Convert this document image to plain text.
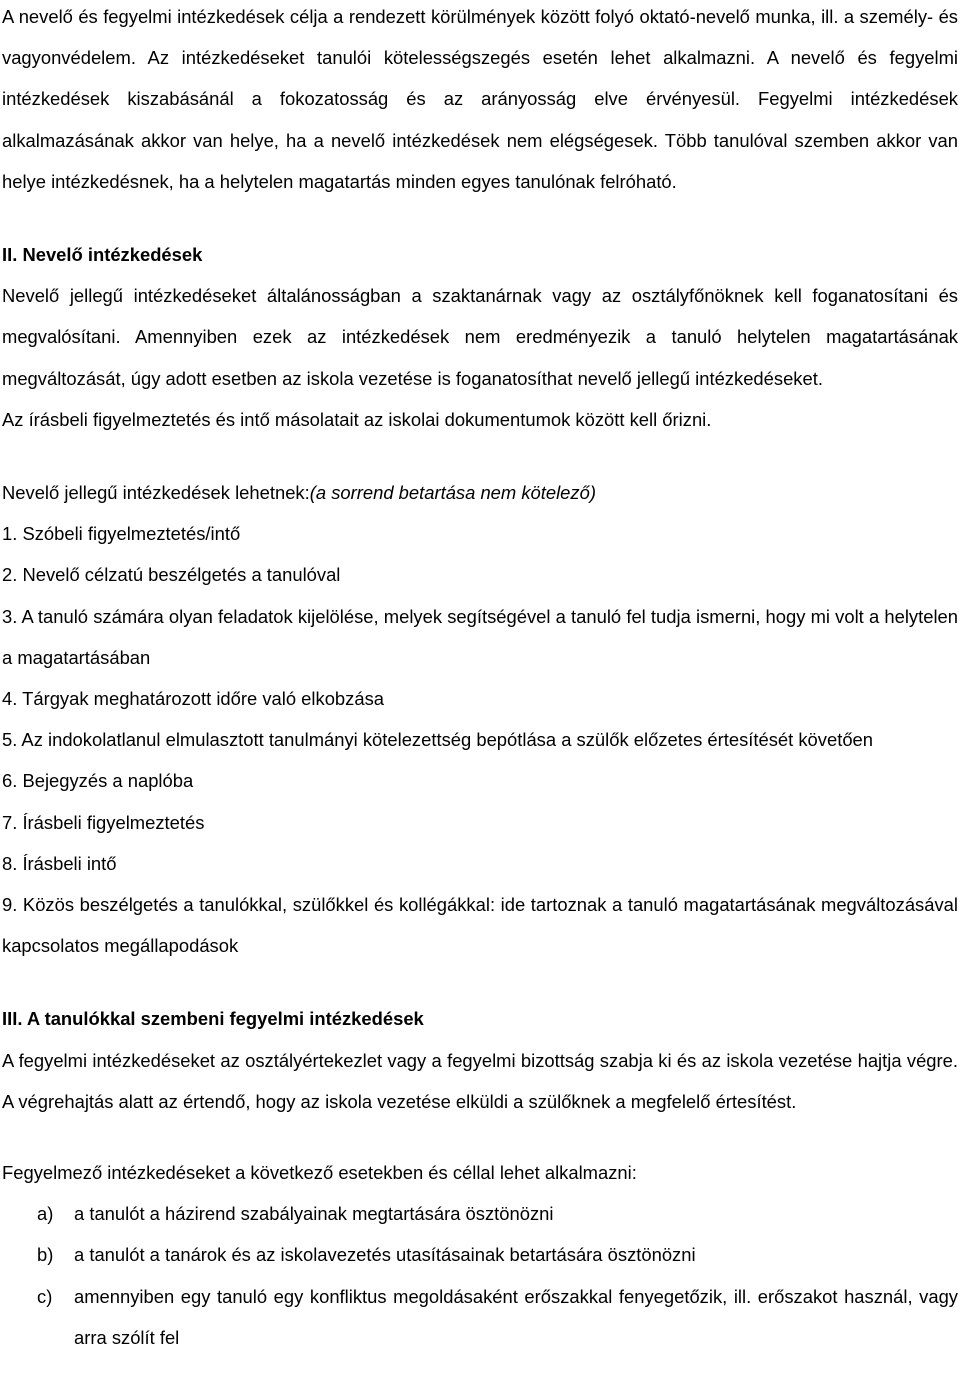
A nevelő és fegyelmi intézkedések célja a rendezett körülmények között folyó oktató-nevelő munka, ill. a személy- és vagyonvédelem. Az intézkedéseket tanulói kötelességszegés esetén lehet alkalmazni. A nevelő és fegyelmi intézkedések kiszabásánál a fokozatosság és az arányosság elve érvényesül. Fegyelmi intézkedések alkalmazásának akkor van helye, ha a nevelő intézkedések nem elégségesek. Több tanulóval szemben akkor van helye intézkedésnek, ha a helytelen magatartás minden egyes tanulónak felróható.

II. Nevelő intézkedések

Nevelő jellegű intézkedéseket általánosságban a szaktanárnak vagy az osztályfőnöknek kell foganatosítani és megvalósítani. Amennyiben ezek az intézkedések nem eredményezik a tanuló helytelen magatartásának megváltozását, úgy adott esetben az iskola vezetése is foganatosíthat nevelő jellegű intézkedéseket.

Az írásbeli figyelmeztetés és intő másolatait az iskolai dokumentumok között kell őrizni.

Nevelő jellegű intézkedések lehetnek:(a sorrend betartása nem kötelező)

1. Szóbeli figyelmeztetés/intő
2. Nevelő célzatú beszélgetés a tanulóval
3. A tanuló számára olyan feladatok kijelölése, melyek segítségével a tanuló fel tudja ismerni, hogy mi volt a helytelen a magatartásában
4. Tárgyak meghatározott időre való elkobzása
5. Az indokolatlanul elmulasztott tanulmányi kötelezettség bepótlása a szülők előzetes értesítését követően
6. Bejegyzés a naplóba
7. Írásbeli figyelmeztetés
8. Írásbeli intő
9. Közös beszélgetés a tanulókkal, szülőkkel és kollégákkal: ide tartoznak a tanuló magatartásának megváltozásával kapcsolatos megállapodások

III. A tanulókkal szembeni fegyelmi intézkedések

A fegyelmi intézkedéseket az osztályértekezlet vagy a fegyelmi bizottság szabja ki és az iskola vezetése hajtja végre. A végrehajtás alatt az értendő, hogy az iskola vezetése elküldi a szülőknek a megfelelő értesítést.

Fegyelmező intézkedéseket a következő esetekben és céllal lehet alkalmazni:

a)	a tanulót a házirend szabályainak megtartására ösztönözni
b)	a tanulót a tanárok és az iskolavezetés utasításainak betartására ösztönözni
c)	amennyiben egy tanuló egy konfliktus megoldásaként erőszakkal fenyegetőzik, ill. erőszakot használ, vagy arra szólít fel
